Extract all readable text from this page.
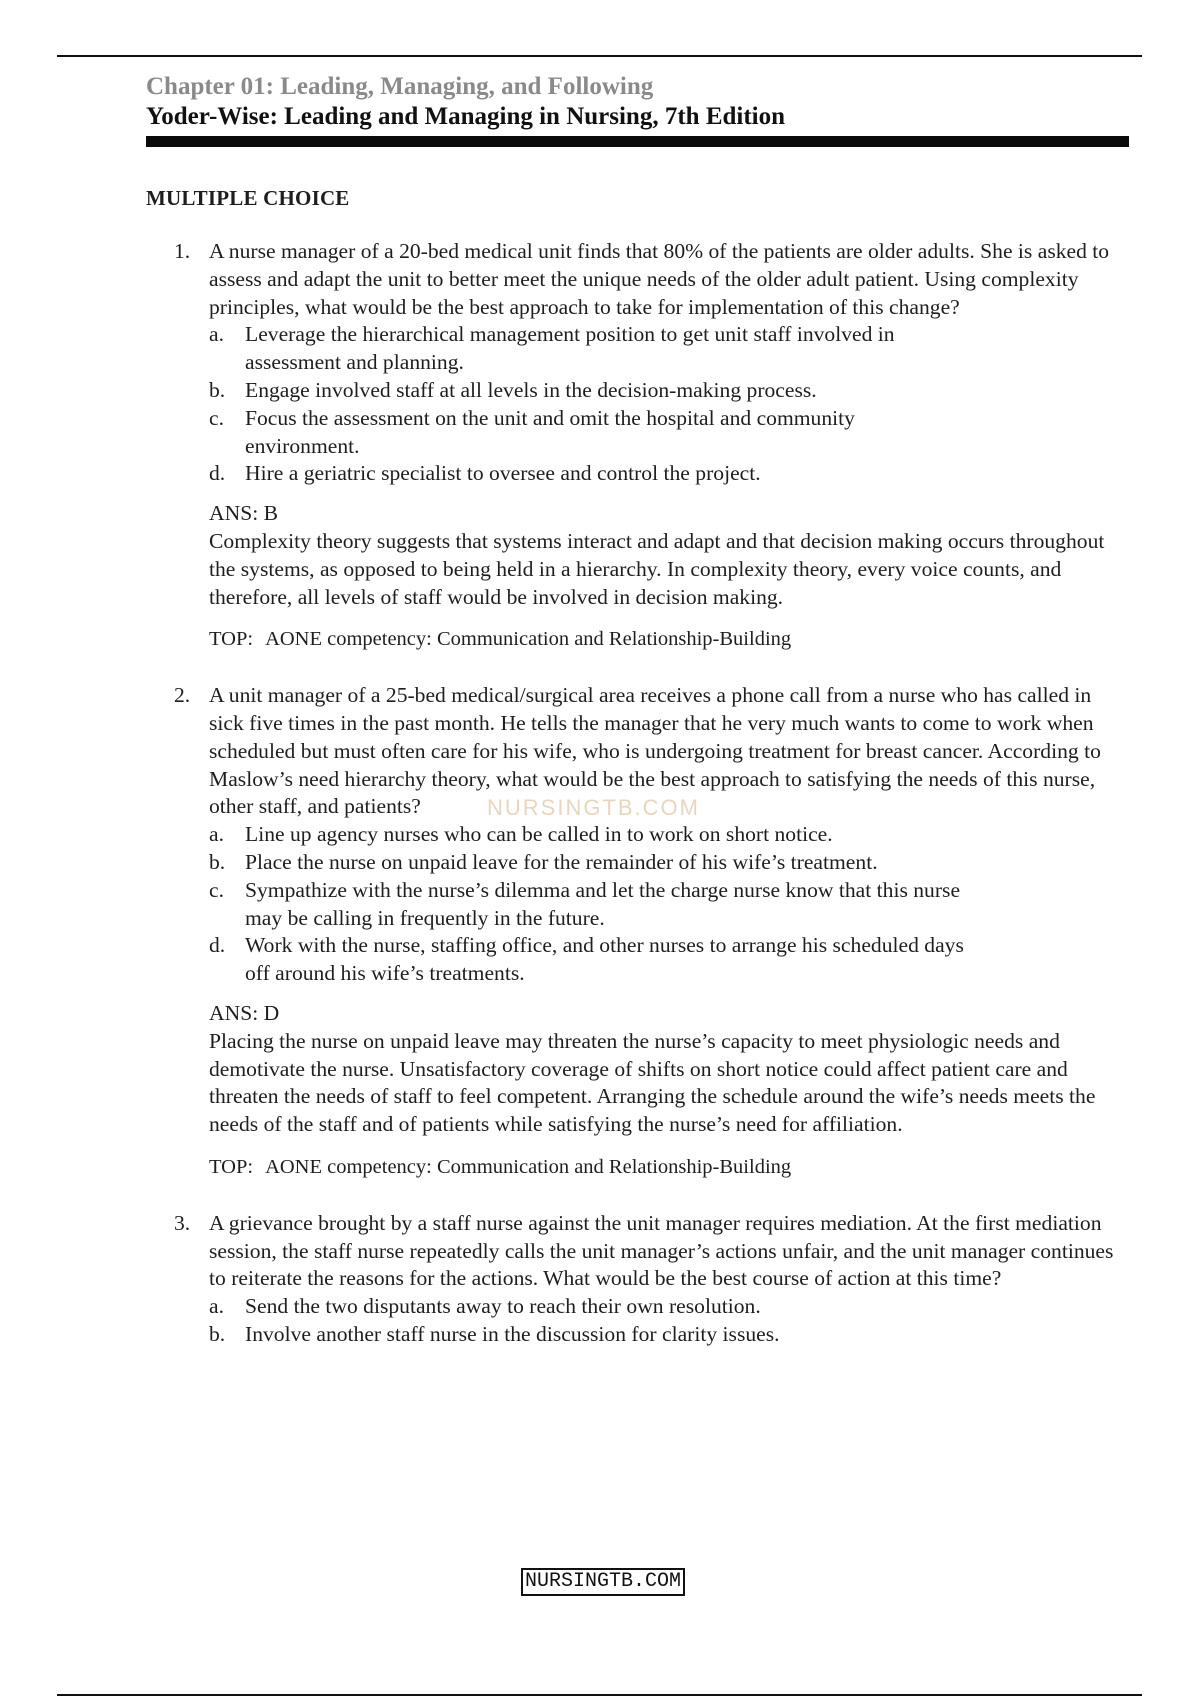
Chapter 01: Leading, Managing, and Following

Yoder-Wise: Leading and Managing in Nursing, 7th Edition

MULTIPLE CHOICE

1. A nurse manager of a 20-bed medical unit finds that 80% of the patients are older adults. She is asked to assess and adapt the unit to better meet the unique needs of the older adult patient. Using complexity principles, what would be the best approach to take for implementation of this change?

a. Leverage the hierarchical management position to get unit staff involved in assessment and planning.
b. Engage involved staff at all levels in the decision-making process.
c. Focus the assessment on the unit and omit the hospital and community environment.
d. Hire a geriatric specialist to oversee and control the project.

ANS: B

Complexity theory suggests that systems interact and adapt and that decision making occurs throughout the systems, as opposed to being held in a hierarchy. In complexity theory, every voice counts, and therefore, all levels of staff would be involved in decision making.

TOP: AONE competency: Communication and Relationship-Building
2. A unit manager of a 25-bed medical/surgical area receives a phone call from a nurse who has called in sick five times in the past month. He tells the manager that he very much wants to come to work when scheduled but must often care for his wife, who is undergoing treatment for breast cancer. According to Maslow’s need hierarchy theory, what would be the best approach to satisfying the needs of this nurse, other staff, and patients?

a. Line up agency nurses who can be called in to work on short notice.
b. Place the nurse on unpaid leave for the remainder of his wife’s treatment.
c. Sympathize with the nurse’s dilemma and let the charge nurse know that this nurse may be calling in frequently in the future.
d. Work with the nurse, staffing office, and other nurses to arrange his scheduled days off around his wife’s treatments.

ANS: D

Placing the nurse on unpaid leave may threaten the nurse’s capacity to meet physiologic needs and demotivate the nurse. Unsatisfactory coverage of shifts on short notice could affect patient care and threaten the needs of staff to feel competent. Arranging the schedule around the wife’s needs meets the needs of the staff and of patients while satisfying the nurse’s need for affiliation.

TOP: AONE competency: Communication and Relationship-Building
3. A grievance brought by a staff nurse against the unit manager requires mediation. At the first mediation session, the staff nurse repeatedly calls the unit manager’s actions unfair, and the unit manager continues to reiterate the reasons for the actions. What would be the best course of action at this time?

a. Send the two disputants away to reach their own resolution.
b. Involve another staff nurse in the discussion for clarity issues.

NURSINGTB.COM

NURSINGTB.COM
